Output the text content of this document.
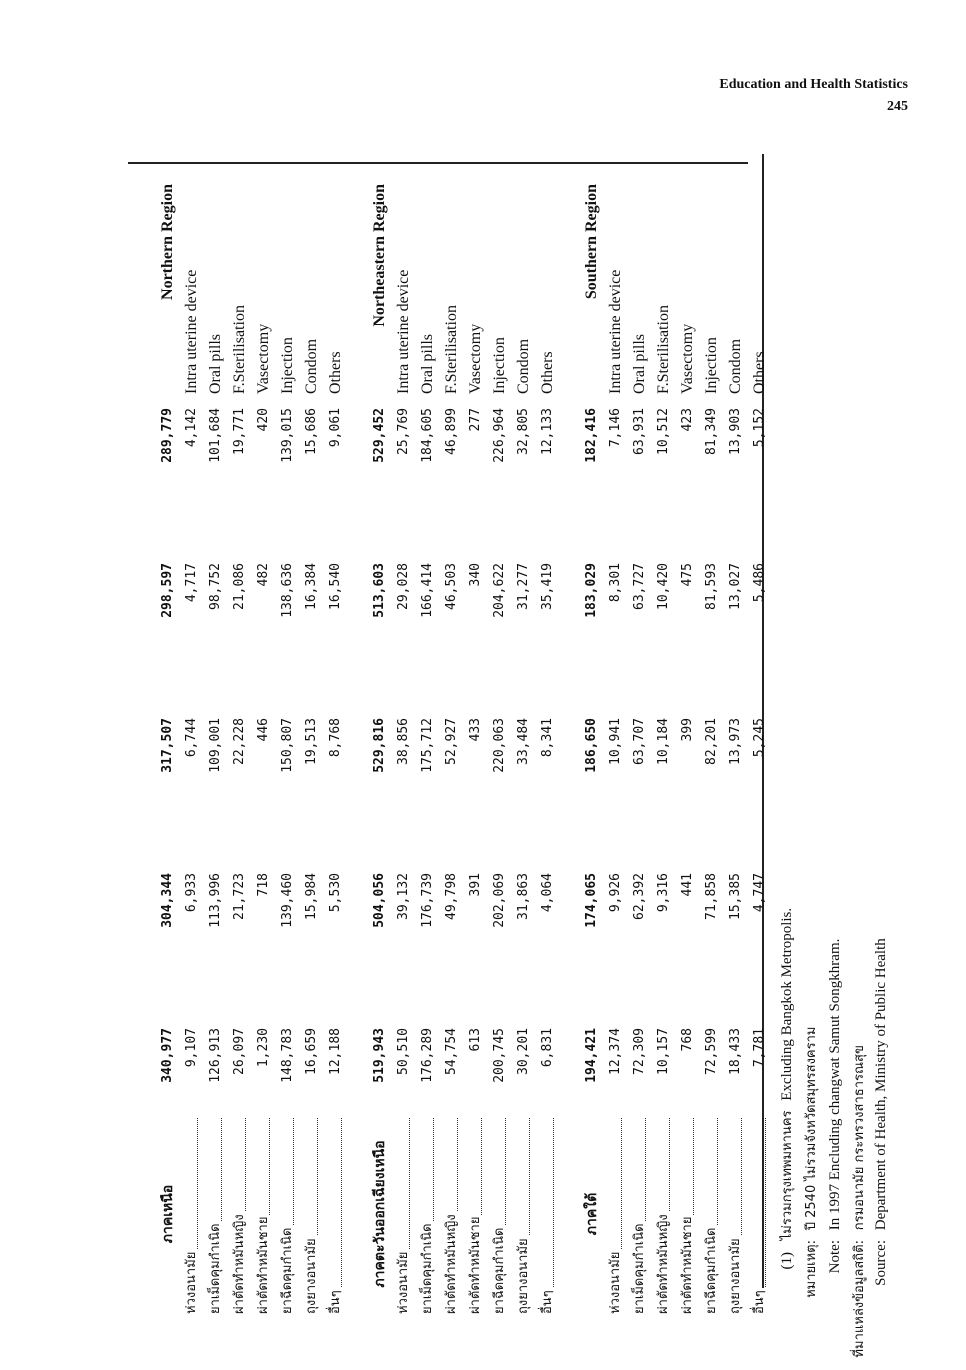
Education and Health Statistics
245
ภาคเหนือ
340,977
304,344
317,507
298,597
289,779
Northern Region
ห่วงอนามัย
9,107
6,933
6,744
4,717
4,142
Intra uterine device
ยาเม็ดคุมกำเนิด
126,913
113,996
109,001
98,752
101,684
Oral pills
ผ่าตัดทำหมันหญิง
26,097
21,723
22,228
21,086
19,771
F.Sterilisation
ผ่าตัดทำหมันชาย
1,230
718
446
482
420
Vasectomy
ยาฉีดคุมกำเนิด
148,783
139,460
150,807
138,636
139,015
Injection
ถุงยางอนามัย
16,659
15,984
19,513
16,384
15,686
Condom
อื่นๆ
12,188
5,530
8,768
16,540
9,061
Others
ภาคตะวันออกเฉียงเหนือ
519,943
504,056
529,816
513,603
529,452
Northeastern Region
ห่วงอนามัย
50,510
39,132
38,856
29,028
25,769
Intra uterine device
ยาเม็ดคุมกำเนิด
176,289
176,739
175,712
166,414
184,605
Oral pills
ผ่าตัดทำหมันหญิง
54,754
49,798
52,927
46,503
46,899
F.Sterilisation
ผ่าตัดทำหมันชาย
613
391
433
340
277
Vasectomy
ยาฉีดคุมกำเนิด
200,745
202,069
220,063
204,622
226,964
Injection
ถุงยางอนามัย
30,201
31,863
33,484
31,277
32,805
Condom
อื่นๆ
6,831
4,064
8,341
35,419
12,133
Others
ภาคใต้
194,421
174,065
186,650
183,029
182,416
Southern Region
ห่วงอนามัย
12,374
9,926
10,941
8,301
7,146
Intra uterine device
ยาเม็ดคุมกำเนิด
72,309
62,392
63,707
63,727
63,931
Oral pills
ผ่าตัดทำหมันหญิง
10,157
9,316
10,184
10,420
10,512
F.Sterilisation
ผ่าตัดทำหมันชาย
768
441
399
475
423
Vasectomy
ยาฉีดคุมกำเนิด
72,599
71,858
82,201
81,593
81,349
Injection
ถุงยางอนามัย
18,433
15,385
13,973
13,027
13,903
Condom
อื่นๆ
7,781
4,747
5,245
5,486
5,152
Others
(1) ไม่รวมกรุงเทพมหานคร Excluding Bangkok Metropolis.
หมายเหตุ: ปี 2540 ไม่รวมจังหวัดสมุทรสงคราม
Note: In 1997 Encluding changwat Samut Songkhram.
ที่มาแหล่งข้อมูลสถิติ: กรมอนามัย กระทรวงสาธารณสุข
Source: Department of Health, Ministry of Public Health
